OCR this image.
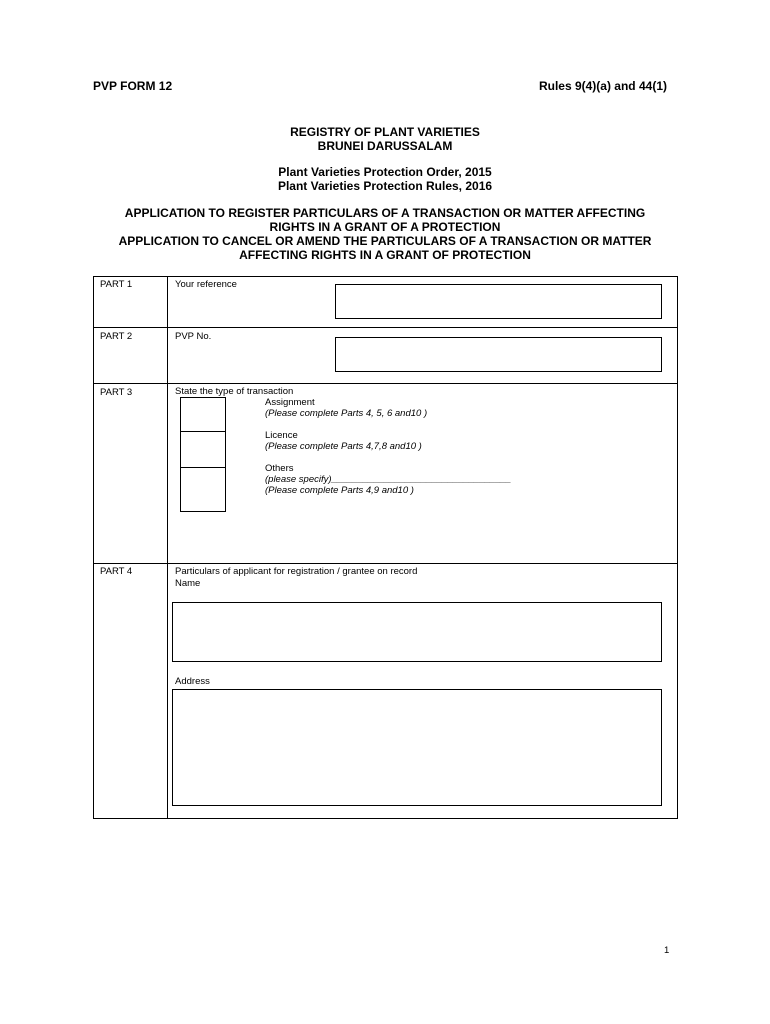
PVP FORM 12	Rules 9(4)(a) and 44(1)
REGISTRY OF PLANT VARIETIES
BRUNEI DARUSSALAM
Plant Varieties Protection Order, 2015
Plant Varieties Protection Rules, 2016
APPLICATION TO REGISTER PARTICULARS OF A TRANSACTION OR MATTER AFFECTING
RIGHTS IN A GRANT OF A PROTECTION
APPLICATION TO CANCEL OR AMEND THE PARTICULARS OF A TRANSACTION OR MATTER
AFFECTING RIGHTS IN A GRANT OF PROTECTION
PART 1	Your reference
PART 2	PVP No.
PART 3	State the type of transaction
Assignment
(Please complete Parts 4, 5, 6 and10 )
Licence
(Please complete Parts 4,7,8 and10 )
Others
(please specify)__________________________________
(Please complete Parts 4,9 and10 )
PART 4	Particulars of applicant for registration / grantee on record
Name
Address
1
